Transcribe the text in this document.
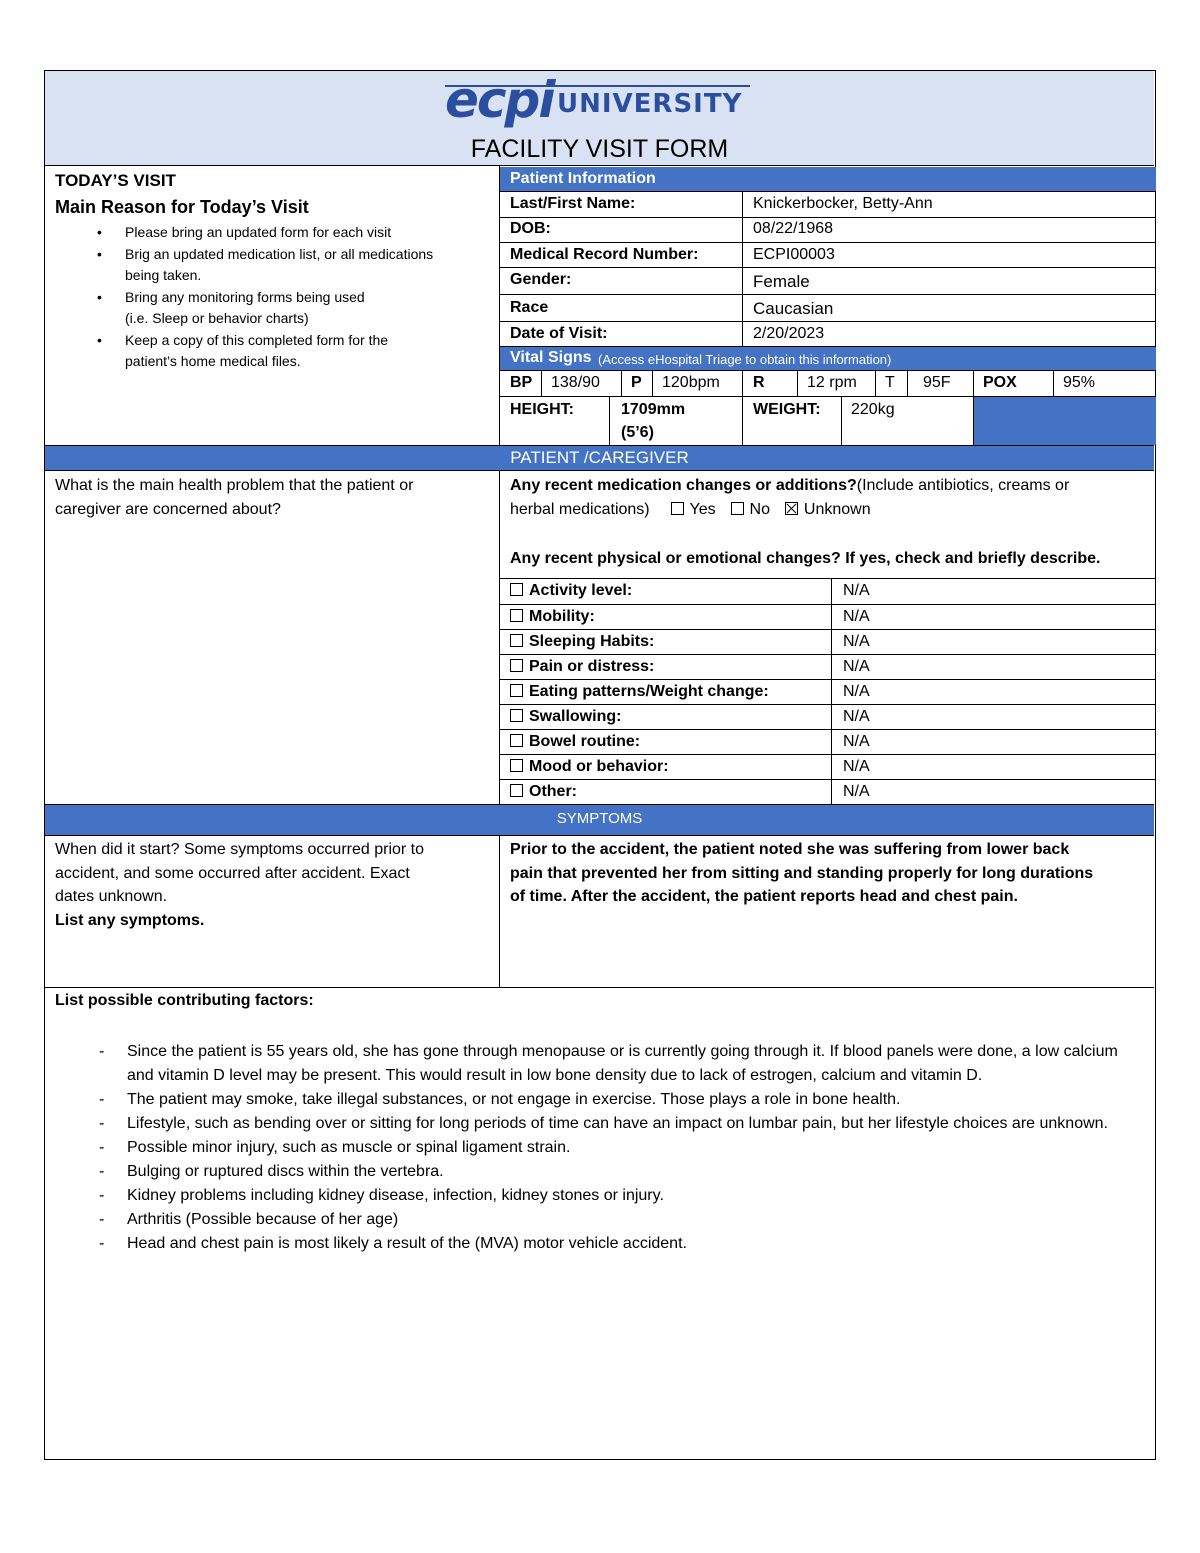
ecpi UNIVERSITY
FACILITY VISIT FORM
TODAY’S VISIT
Main Reason for Today’s Visit
• Please bring an updated form for each visit
• Brig an updated medication list, or all medications
being taken.
• Bring any monitoring forms being used
(i.e. Sleep or behavior charts)
• Keep a copy of this completed form for the
patient’s home medical files.
Patient Information
Last/First Name:	Knickerbocker, Betty-Ann
DOB:	08/22/1968
Medical Record Number:	ECPI00003
Gender:	Female
Race	Caucasian
Date of Visit:	2/20/2023
Vital Signs (Access eHospital Triage to obtain this information)
BP 138/90 P 120bpm R	12 rpm T 95F POX	95%
HEIGHT:	1709mm
(5’6)
WEIGHT: 220kg
PATIENT /CAREGIVER
What is the main health problem that the patient or
caregiver are concerned about?
Any recent medication changes or additions?(Include antibiotics, creams or
herbal medications) Yes No Unknown
Any recent physical or emotional changes? If yes, check and briefly describe.
Activity level:	N/A
Mobility:	N/A
Sleeping Habits:	N/A
Pain or distress:	N/A
Eating patterns/Weight change:	N/A
Swallowing:	N/A
Bowel routine:	N/A
Mood or behavior:	N/A
Other:	N/A
SYMPTOMS
When did it start? Some symptoms occurred prior to
accident, and some occurred after accident. Exact
dates unknown.
List any symptoms.
Prior to the accident, the patient noted she was suffering from lower back
pain that prevented her from sitting and standing properly for long durations
of time. After the accident, the patient reports head and chest pain.
List possible contributing factors:
- Since the patient is 55 years old, she has gone through menopause or is currently going through it. If blood panels were done, a low calcium and vitamin D level may be present. This would result in low bone density due to lack of estrogen, calcium and vitamin D.
- The patient may smoke, take illegal substances, or not engage in exercise. Those plays a role in bone health.
- Lifestyle, such as bending over or sitting for long periods of time can have an impact on lumbar pain, but her lifestyle choices are unknown.
- Possible minor injury, such as muscle or spinal ligament strain.
- Bulging or ruptured discs within the vertebra.
- Kidney problems including kidney disease, infection, kidney stones or injury.
- Arthritis (Possible because of her age)
- Head and chest pain is most likely a result of the (MVA) motor vehicle accident.
